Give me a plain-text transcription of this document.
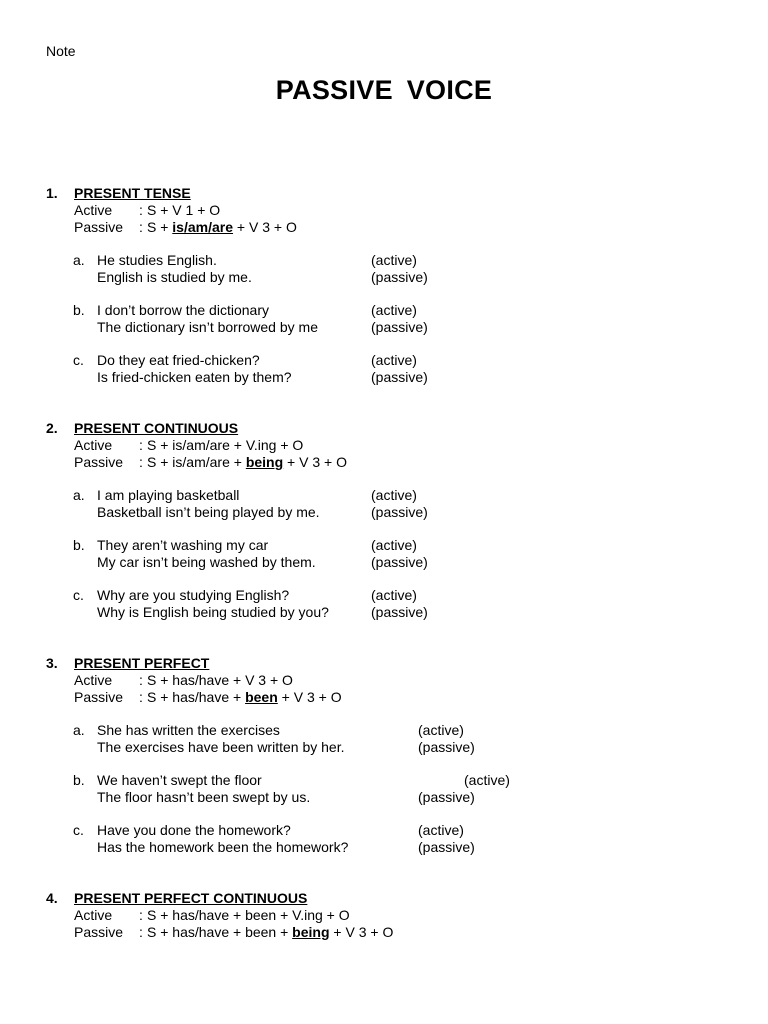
Note
PASSIVE VOICE
1. PRESENT TENSE
Active : S + V 1 + O
Passive : S + is/am/are + V 3 + O
a. He studies English.	(active)
English is studied by me.	(passive)
b. I don’t borrow the dictionary	(active)
The dictionary isn’t borrowed by me	(passive)
c. Do they eat fried-chicken?	(active)
Is fried-chicken eaten by them?	(passive)
2. PRESENT CONTINUOUS
Active : S + is/am/are + V.ing + O
Passive : S + is/am/are + being + V 3 + O
a. I am playing basketball	(active)
Basketball isn’t being played by me.	(passive)
b. They aren’t washing my car	(active)
My car isn’t being washed by them.	(passive)
c. Why are you studying English?	(active)
Why is English being studied by you?	(passive)
3. PRESENT PERFECT
Active : S + has/have + V 3 + O
Passive : S + has/have + been + V 3 + O
a. She has written the exercises	(active)
The exercises have been written by her.	(passive)
b. We haven’t swept the floor	(active)
The floor hasn’t been swept by us.	(passive)
c. Have you done the homework?	(active)
Has the homework been the homework?	(passive)
4. PRESENT PERFECT CONTINUOUS
Active : S + has/have + been + V.ing + O
Passive : S + has/have + been + being + V 3 + O
